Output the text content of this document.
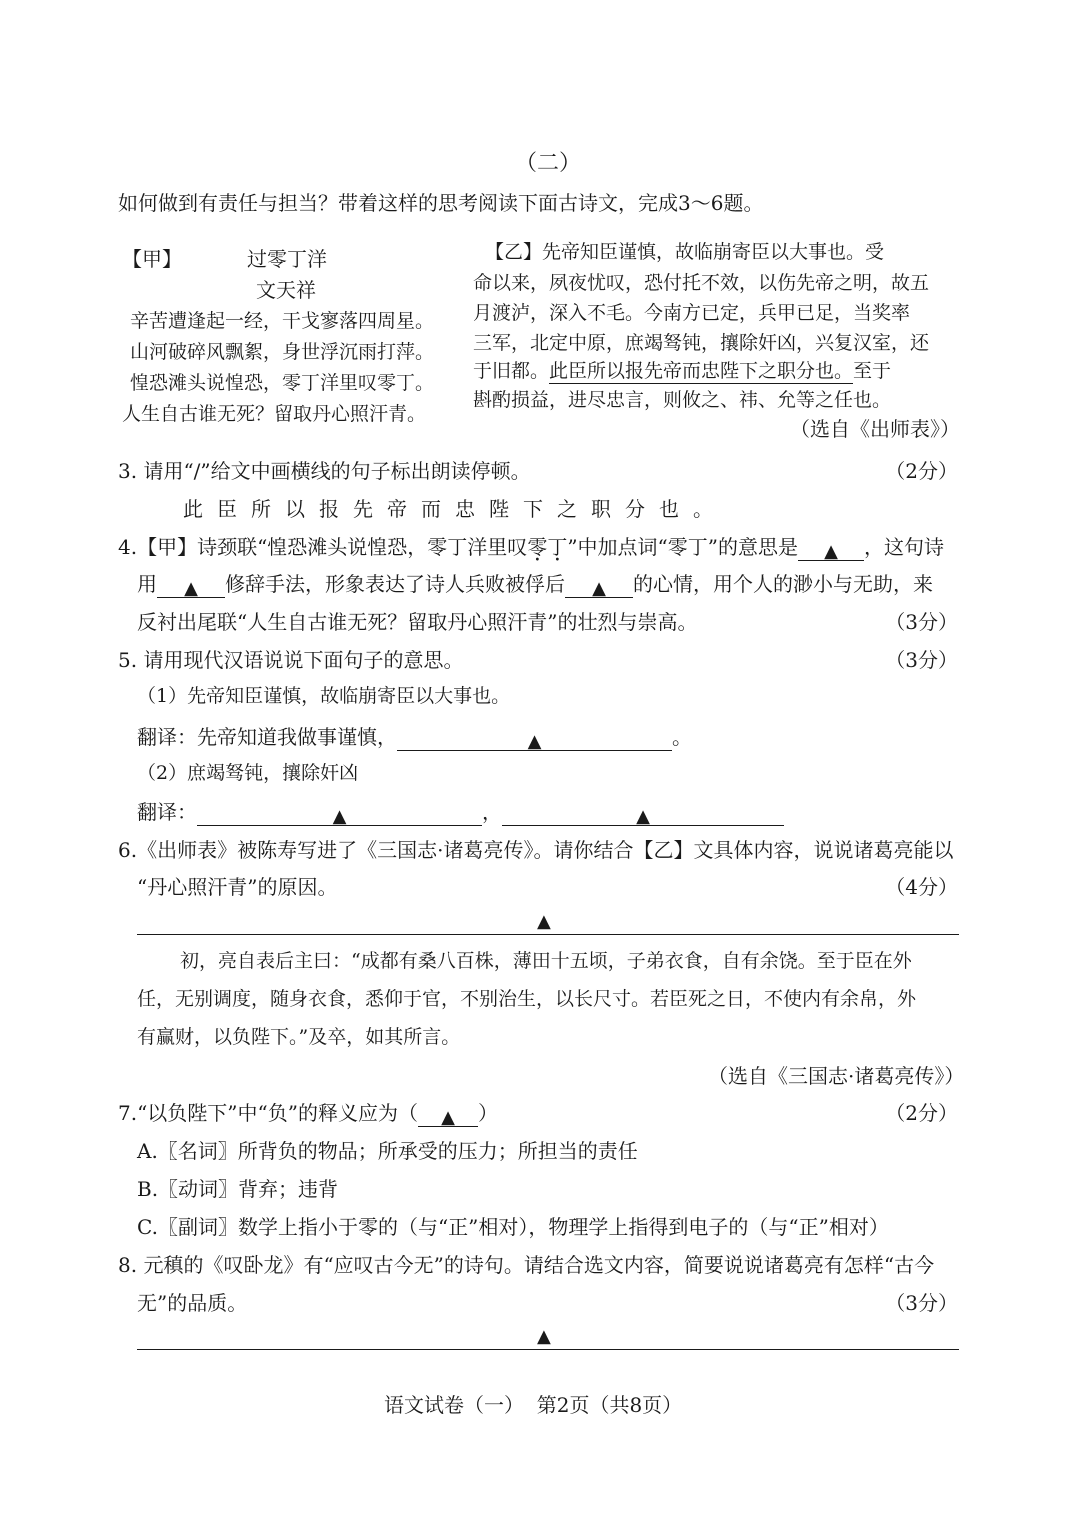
（二）
如何做到有责任与担当？带着这样的思考阅读下面古诗文，完成3～6题。
【甲】	过零丁洋
文天祥
辛苦遭逢起一经，干戈寥落四周星。
山河破碎风飘絮，身世浮沉雨打萍。
惶恐滩头说惶恐，零丁洋里叹零丁。
人生自古谁无死？留取丹心照汗青。
【乙】先帝知臣谨慎，故临崩寄臣以大事也。受
命以来，夙夜忧叹，恐付托不效，以伤先帝之明，故五
月渡泸，深入不毛。今南方已定，兵甲已足，当奖率
三军，北定中原，庶竭驽钝，攘除奸凶，兴复汉室，还
于旧都。此臣所以报先帝而忠陛下之职分也。至于
斟酌损益，进尽忠言，则攸之、祎、允等之任也。
（选自《出师表》）
3. 请用“/”给文中画横线的句子标出朗读停顿。	（2分）
此臣所以报先帝而忠陛下之职分也。
4.【甲】诗颈联“惶恐滩头说惶恐，零丁洋里叹零丁”中加点词“零丁”的意思是 ▲ ，这句诗
用 ▲ 修辞手法，形象表达了诗人兵败被俘后 ▲ 的心情，用个人的渺小与无助，来
反衬出尾联“人生自古谁无死？留取丹心照汗青”的壮烈与崇高。	（3分）
5. 请用现代汉语说说下面句子的意思。	（3分）
（1）先帝知臣谨慎，故临崩寄臣以大事也。
翻译：先帝知道我做事谨慎，	▲	。
（2）庶竭驽钝，攘除奸凶
翻译：	▲	，	▲
6.《出师表》被陈寿写进了《三国志·诸葛亮传》。请你结合【乙】文具体内容，说说诸葛亮能以
“丹心照汗青”的原因。	（4分）
▲
初，亮自表后主曰：“成都有桑八百株，薄田十五顷，子弟衣食，自有余饶。至于臣在外
任，无别调度，随身衣食，悉仰于官，不别治生，以长尺寸。若臣死之日，不使内有余帛，外
有赢财，以负陛下。”及卒，如其所言。
（选自《三国志·诸葛亮传》）
7.“以负陛下”中“负”的释义应为（ ▲ ）	（2分）
A.〖名词〗所背负的物品；所承受的压力；所担当的责任
B.〖动词〗背弃；违背
C.〖副词〗数学上指小于零的（与“正”相对），物理学上指得到电子的（与“正”相对）
8. 元稹的《叹卧龙》有“应叹古今无”的诗句。请结合选文内容，简要说说诸葛亮有怎样“古今
无”的品质。	（3分）
▲
语文试卷（一）  第2页（共8页）
